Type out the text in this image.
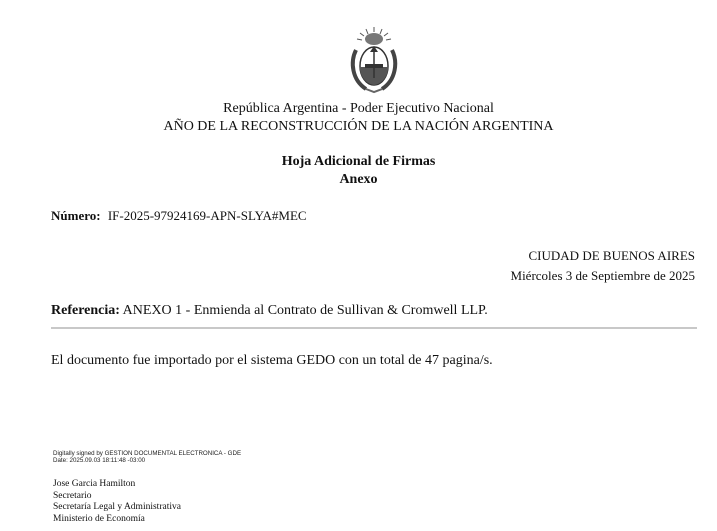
República Argentina - Poder Ejecutivo Nacional
AÑO DE LA RECONSTRUCCIÓN DE LA NACIÓN ARGENTINA
Hoja Adicional de Firmas
Anexo
Número: IF-2025-97924169-APN-SLYA#MEC
CIUDAD DE BUENOS AIRES
Miércoles 3 de Septiembre de 2025
Referencia: ANEXO 1 - Enmienda al Contrato de Sullivan & Cromwell LLP.
El documento fue importado por el sistema GEDO con un total de 47 pagina/s.
Digitally signed by GESTION DOCUMENTAL ELECTRONICA - GDE
Date: 2025.09.03 18:11:48 -03:00
Jose Garcia Hamilton
Secretario
Secretaría Legal y Administrativa
Ministerio de Economía
